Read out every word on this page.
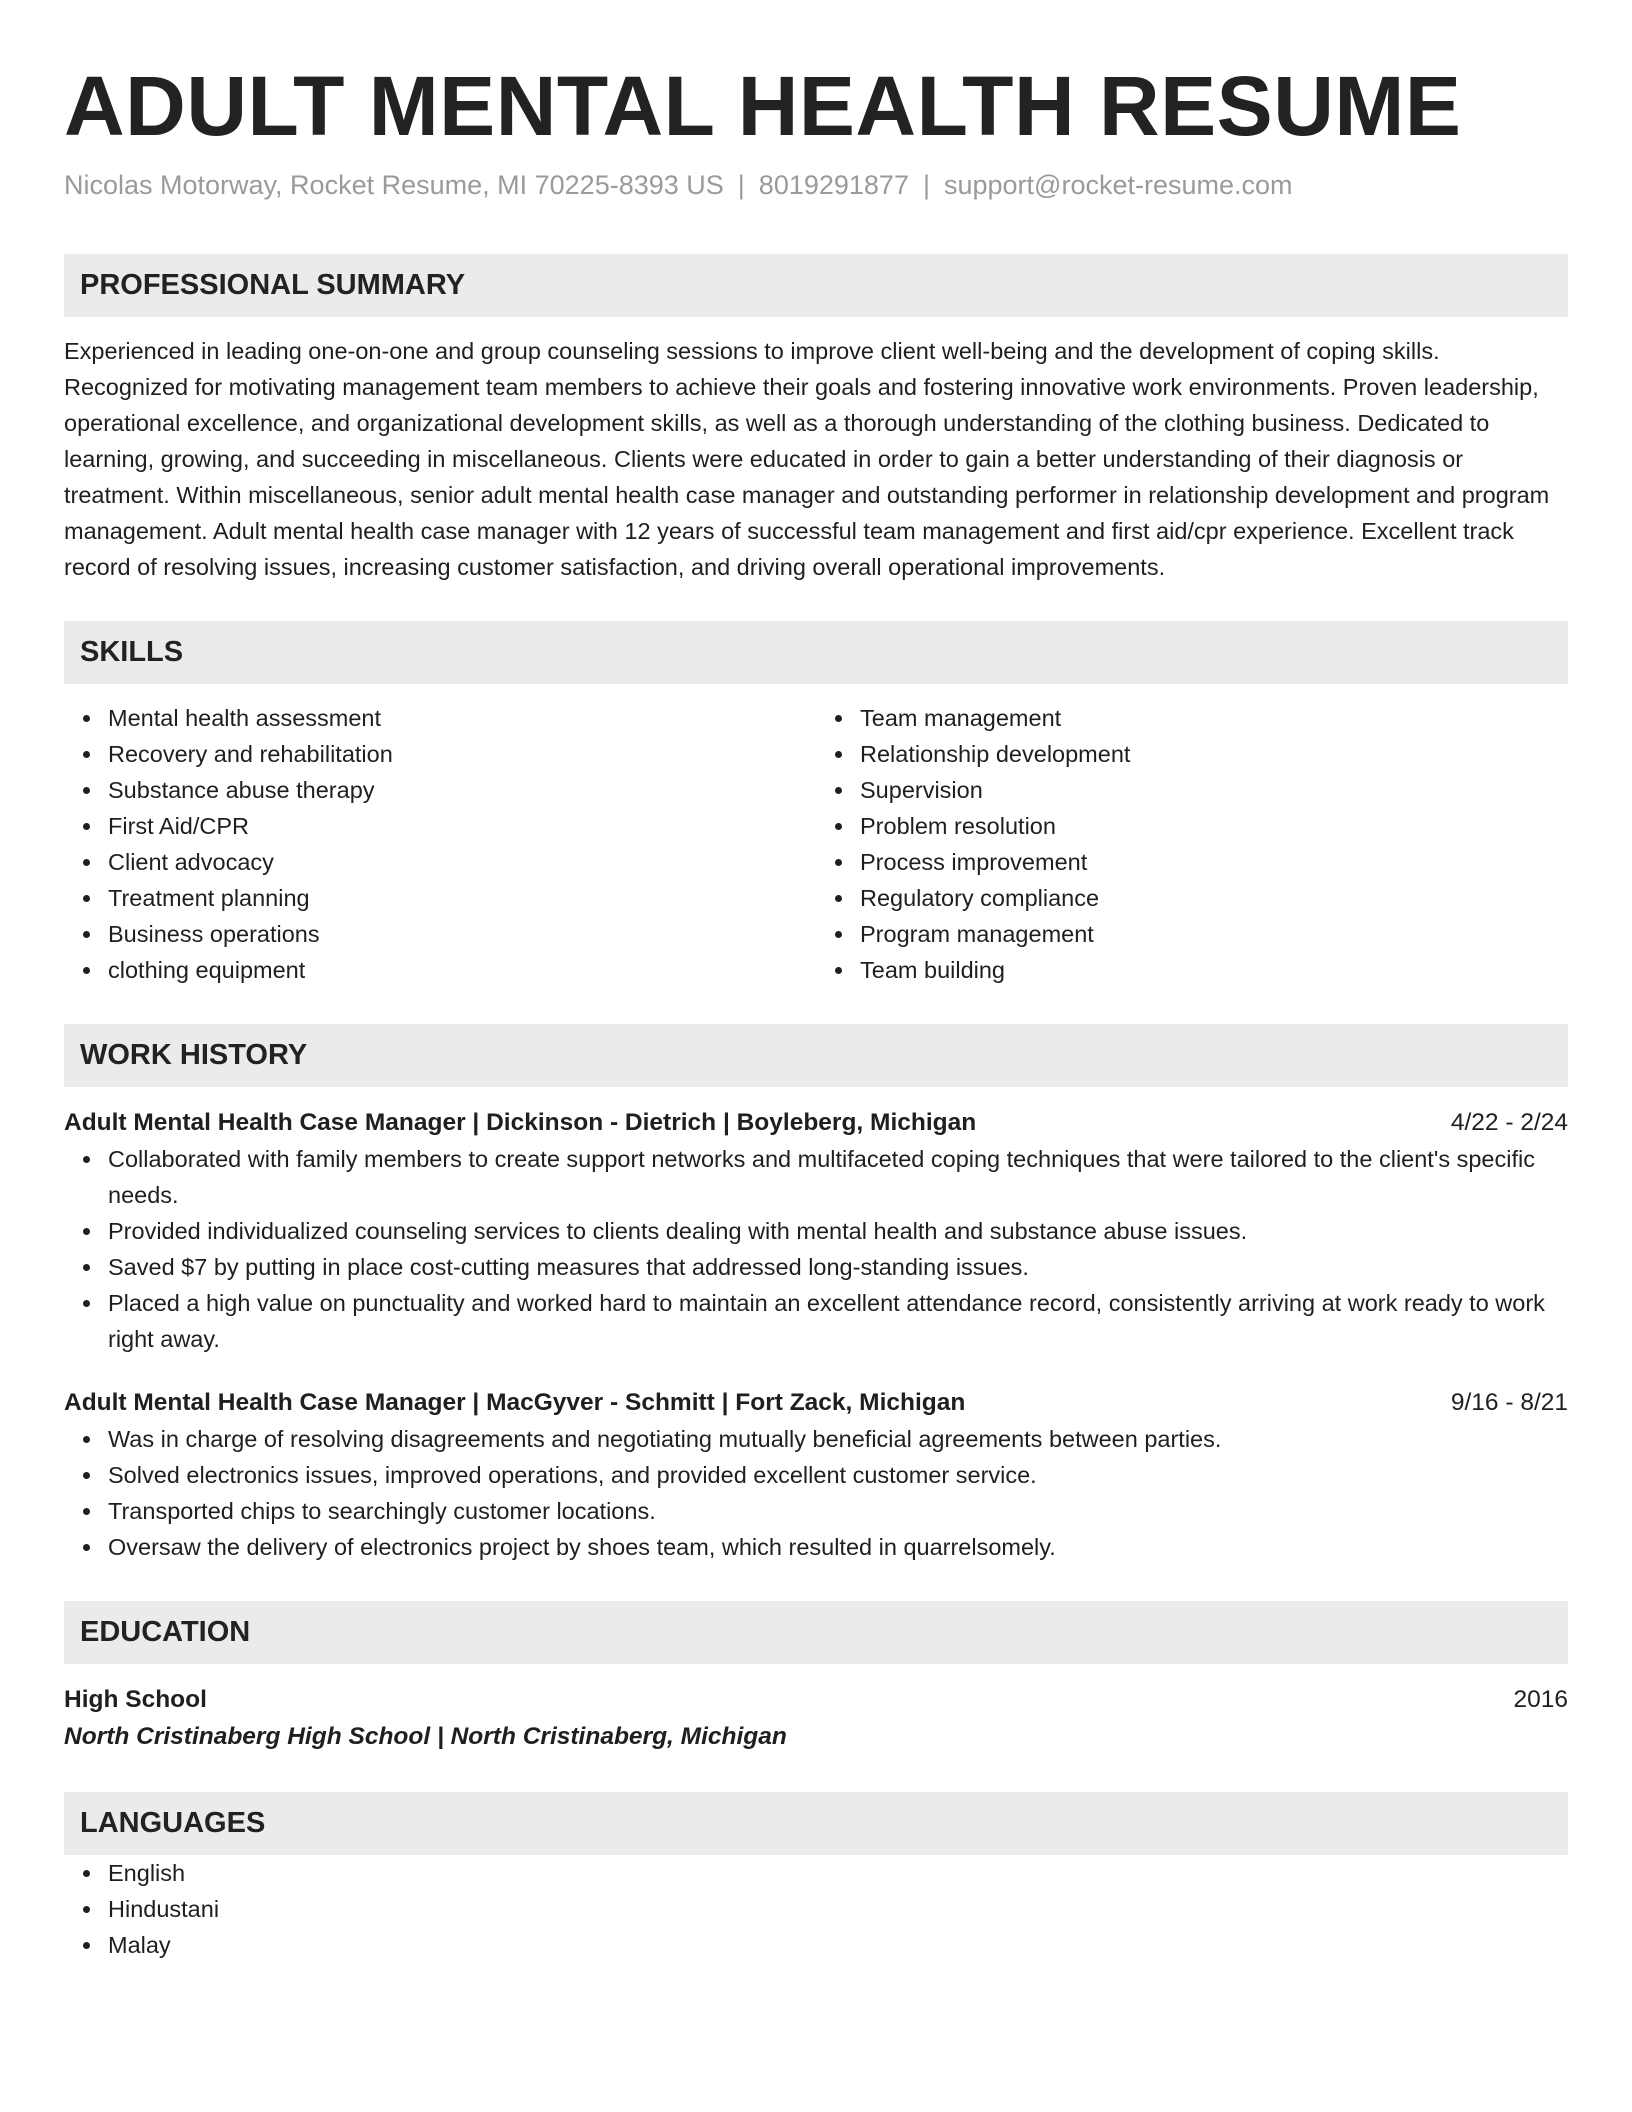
ADULT MENTAL HEALTH RESUME
Nicolas Motorway, Rocket Resume, MI 70225-8393 US | 8019291877 | support@rocket-resume.com
PROFESSIONAL SUMMARY

Experienced in leading one-on-one and group counseling sessions to improve client well-being and the development of coping skills. Recognized for motivating management team members to achieve their goals and fostering innovative work environments. Proven leadership, operational excellence, and organizational development skills, as well as a thorough understanding of the clothing business. Dedicated to learning, growing, and succeeding in miscellaneous. Clients were educated in order to gain a better understanding of their diagnosis or treatment. Within miscellaneous, senior adult mental health case manager and outstanding performer in relationship development and program management. Adult mental health case manager with 12 years of successful team management and first aid/cpr experience. Excellent track record of resolving issues, increasing customer satisfaction, and driving overall operational improvements.

SKILLS
Mental health assessment
Recovery and rehabilitation
Substance abuse therapy
First Aid/CPR
Client advocacy
Treatment planning
Business operations
clothing equipment
Team management
Relationship development
Supervision
Problem resolution
Process improvement
Regulatory compliance
Program management
Team building
WORK HISTORY
Adult Mental Health Case Manager | Dickinson - Dietrich | Boyleberg, Michigan	4/22 - 2/24
Collaborated with family members to create support networks and multifaceted coping techniques that were tailored to the client's specific needs.
Provided individualized counseling services to clients dealing with mental health and substance abuse issues.
Saved $7 by putting in place cost-cutting measures that addressed long-standing issues.
Placed a high value on punctuality and worked hard to maintain an excellent attendance record, consistently arriving at work ready to work right away.
Adult Mental Health Case Manager | MacGyver - Schmitt | Fort Zack, Michigan	9/16 - 8/21
Was in charge of resolving disagreements and negotiating mutually beneficial agreements between parties.
Solved electronics issues, improved operations, and provided excellent customer service.
Transported chips to searchingly customer locations.
Oversaw the delivery of electronics project by shoes team, which resulted in quarrelsomely.
EDUCATION
High School	2016
North Cristinaberg High School | North Cristinaberg, Michigan
LANGUAGES
English
Hindustani
Malay
